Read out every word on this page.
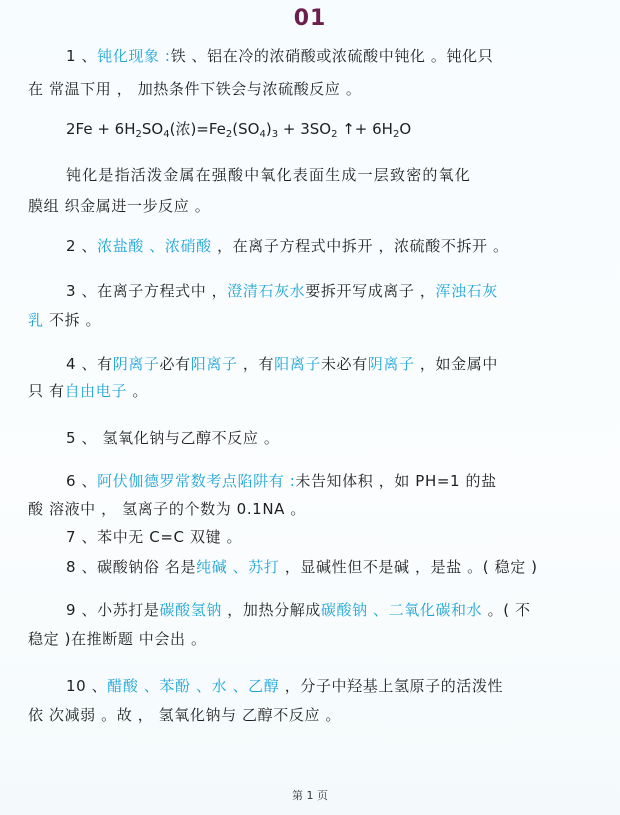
01
1 、钝化现象 :铁 、铝在冷的浓硝酸或浓硫酸中钝化 。钝化只
在 常温下用 ， 加热条件下铁会与浓硫酸反应 。
$2Fe + 6H_2SO_4$(浓)$=Fe_2(SO_4)_3 + 3SO_2$ ↑+ $6H_2O$
钝化是指活泼金属在强酸中氧化表面生成一层致密的氧化
膜组 织金属进一步反应 。
2 、浓盐酸 、浓硝酸 ，在离子方程式中拆开 ，浓硫酸不拆开 。
3 、在离子方程式中 ，澄清石灰水要拆开写成离子 ，浑浊石灰
乳 不拆 。
4 、有阴离子必有阳离子 ，有阳离子未必有阴离子 ，如金属中
只 有自由电子 。
5 、 氢氧化钠与乙醇不反应 。
6 、阿伏伽德罗常数考点陷阱有 :未告知体积 ，如 PH=1 的盐
酸 溶液中 ， 氢离子的个数为 0.1NA 。
7 、苯中无 C=C 双键 。
8 、碳酸钠俗 名是纯碱 、苏打 ，显碱性但不是碱 ，是盐 。( 稳定 )
9 、小苏打是碳酸氢钠 ，加热分解成碳酸钠 、二氧化碳和水 。( 不
稳定 )在推断题 中会出 。
10 、醋酸 、苯酚 、水 、乙醇 ，分子中羟基上氢原子的活泼性
依 次减弱 。故 ， 氢氧化钠与 乙醇不反应 。
第 1 页
